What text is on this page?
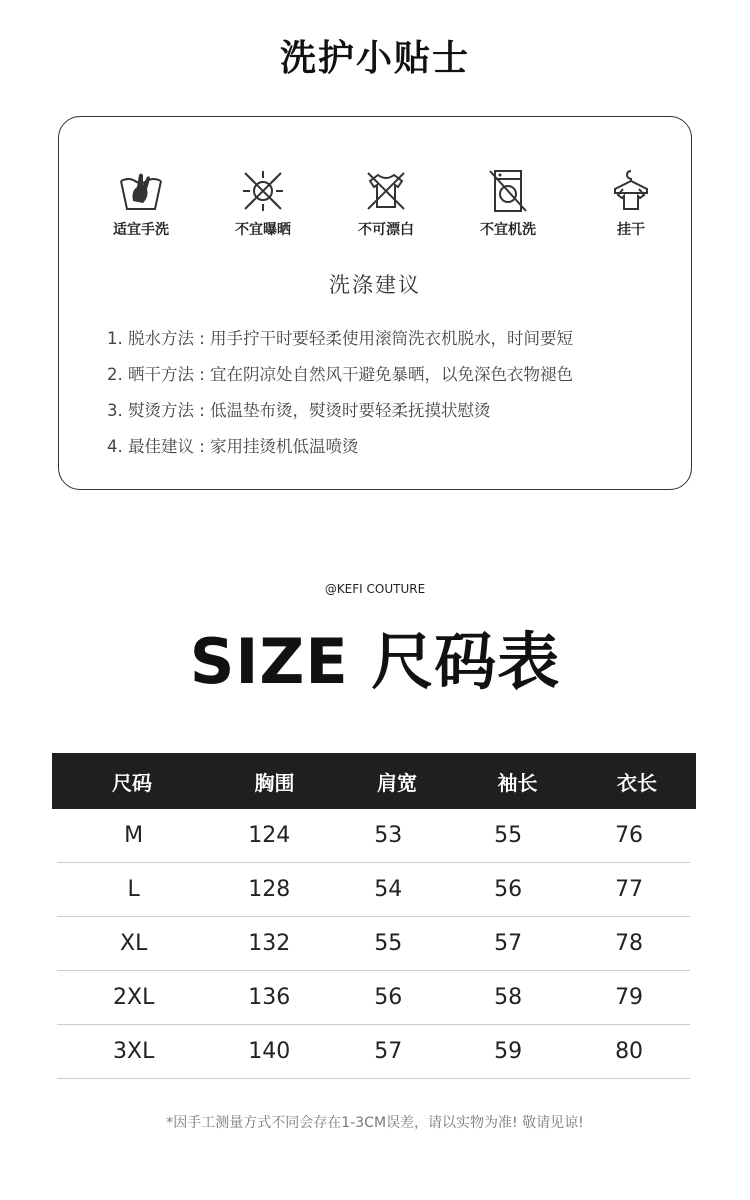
洗护小贴士
适宜手洗	不宜曝晒	不可漂白	不宜机洗	挂干
洗涤建议
1. 脱水方法 : 用手拧干时要轻柔使用滚筒洗衣机脱水，时间要短
2. 晒干方法 : 宜在阴凉处自然风干避免暴晒，以免深色衣物褪色
3. 熨烫方法 : 低温垫布烫，熨烫时要轻柔抚摸状慰烫
4. 最佳建议 : 家用挂烫机低温喷烫
@KEFI COUTURE
SIZE 尺码表
尺码	胸围	肩宽	袖长	衣长
M	124	53	55	76
L	128	54	56	77
XL	132	55	57	78
2XL	136	56	58	79
3XL	140	57	59	80
*因手工测量方式不同会存在1-3CM误差，请以实物为准! 敬请见谅!
